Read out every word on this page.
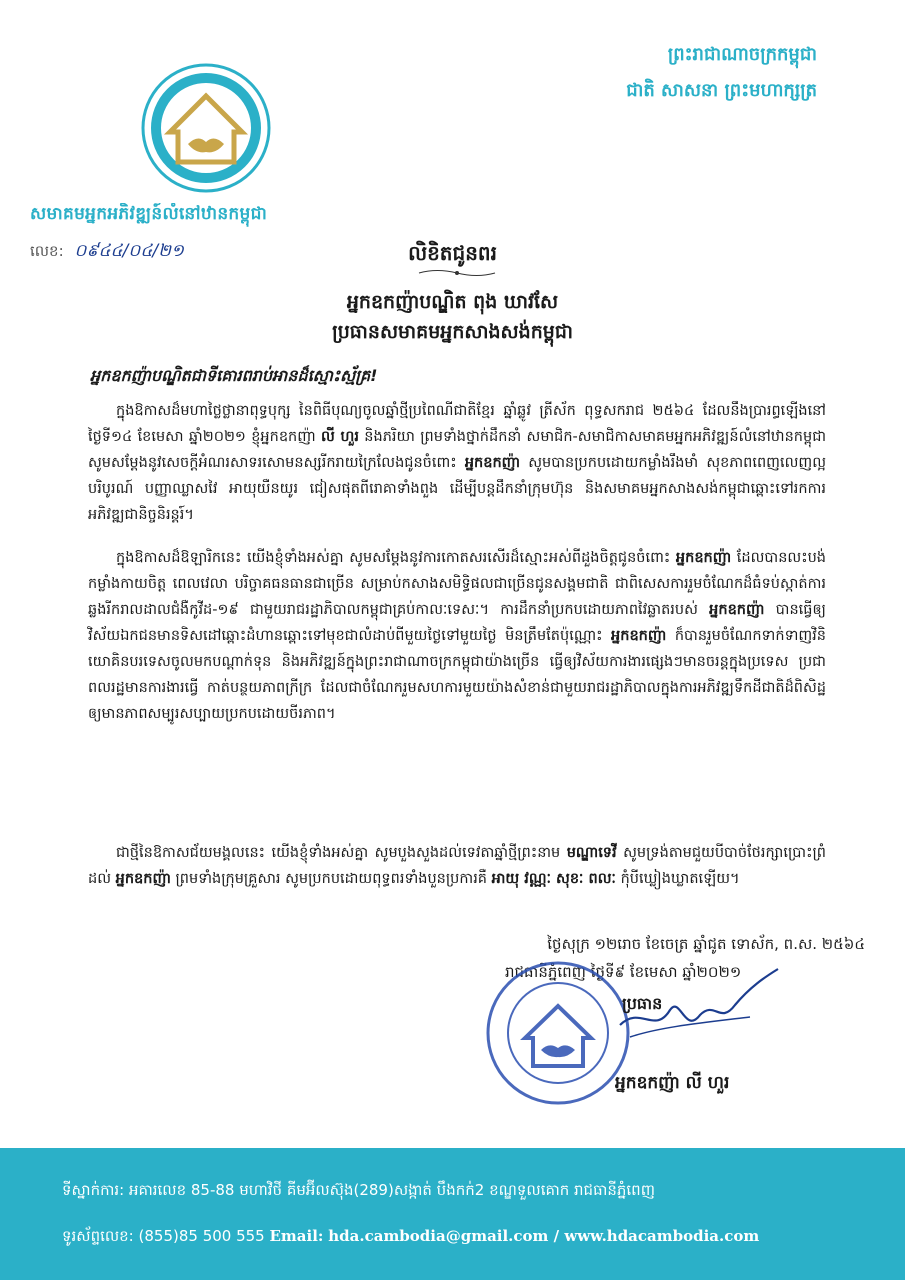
ព្រះរាជាណាចក្រកម្ពុជា
ជាតិ សាសនា ព្រះមហាក្សត្រ
សមាគមអ្នកអភិវឌ្ឍន៍លំនៅឋានកម្ពុជា
លេខ: ០៩៤៤/០៤/២១	លិខិតជូនពរ
អ្នកឧកញ៉ាបណ្ឌិត ពុង ឃាវសែ
ប្រធានសមាគមអ្នកសាងសង់កម្ពុជា
អ្នកឧកញ៉ាបណ្ឌិតជាទីគោរពរាប់អានដ៏ស្មោះស្ម័គ្រ!

ក្នុងឱកាសដ៏មហាថ្លៃថ្លានាពុទ្ធបុក្ស នៃពិធីបុណ្យចូលឆ្នាំថ្មីប្រពៃណីជាតិខ្មែរ ឆ្នាំឆ្លូវ ត្រីស័ក ពុទ្ធសករាជ ២៥៦៤ ដែលនឹងប្រារព្ធឡើងនៅថ្ងៃទី១៤ ខែមេសា ឆ្នាំ២០២១ ខ្ញុំអ្នកឧកញ៉ា លី ហួរ និងភរិយា ព្រមទាំងថ្នាក់ដឹកនាំ សមាជិក-សមាជិកាសមាគមអ្នកអភិវឌ្ឍន៍លំនៅឋានកម្ពុជា សូមសម្តែងនូវសេចក្តីអំណរសាទរសោមនស្សរីករាយក្រៃលែងជូនចំពោះ អ្នកឧកញ៉ា សូមបានប្រកបដោយកម្លាំងរឹងមាំ សុខភាពពេញលេញល្អបរិបូរណ៍ បញ្ញាឈ្លាសវៃ អាយុយឺនយូរ ជៀសផុតពីរោគាទាំងពួង ដើម្បីបន្តដឹកនាំក្រុមហ៊ុន និងសមាគមអ្នកសាងសង់កម្ពុជាឆ្ពោះទៅរកការអភិវឌ្ឍជានិច្ចនិរន្តរ៍។

ក្នុងឱកាសដ៏ឱឡារិកនេះ យើងខ្ញុំទាំងអស់គ្នា សូមសម្តែងនូវការកោតសរសើរដ៏ស្មោះអស់ពីដួងចិត្តជូនចំពោះ អ្នកឧកញ៉ា ដែលបានលះបង់កម្លាំងកាយចិត្ត ពេលវេលា បរិច្ចាគធនធានជាច្រើន សម្រាប់កសាងសមិទ្ធិផលជាច្រើនជូនសង្គមជាតិ ជាពិសេសការរួមចំណែកដ៏ធំទប់ស្កាត់ការឆ្លងរីករាលដាលជំងឺកូវីដ-១៩ ជាមួយរាជរដ្ឋាភិបាលកម្ពុជាគ្រប់កាលៈទេសៈ។ ការដឹកនាំប្រកបដោយភាពវៃឆ្លាតរបស់ អ្នកឧកញ៉ា បានធ្វើឲ្យវិស័យឯកជនមានទិសដៅឆ្ពោះដំហានឆ្ពោះទៅមុខជាលំដាប់ពីមួយថ្ងៃទៅមួយថ្ងៃ មិនត្រឹមតែប៉ុណ្ណោះ អ្នកឧកញ៉ា ក៏បានរួមចំណែកទាក់ទាញវិនិយោគិនបរទេសចូលមកបណ្តាក់ទុន និងអភិវឌ្ឍន៍ក្នុងព្រះរាជាណាចក្រកម្ពុជាយ៉ាងច្រើន ធ្វើឲ្យវិស័យការងារផ្សេងៗមានចរន្តក្នុងប្រទេស ប្រជាពលរដ្ឋមានការងារធ្វើ កាត់បន្ថយភាពក្រីក្រ ដែលជាចំណែករួមសហការមួយយ៉ាងសំខាន់ជាមួយរាជរដ្ឋាភិបាលក្នុងការអភិវឌ្ឍទឹកដីជាតិដ៏ពិសិដ្ឋឲ្យមានភាពសម្បូរសប្បាយប្រកបដោយចីរភាព។

ជាថ្មីនៃឱកាសជ័យមង្គលនេះ យើងខ្ញុំទាំងអស់គ្នា សូមបួងសួងដល់ទេវតាឆ្នាំថ្មីព្រះនាម មណ្ឌាទេវី សូមទ្រង់តាមជួយបីបាច់ថែរក្សាប្រោះព្រំដល់ អ្នកឧកញ៉ា ព្រមទាំងក្រុមគ្រួសារ សូមប្រកបដោយពុទ្ធពរទាំងបួនប្រការគឺ អាយុ វណ្ណៈ សុខៈ ពលៈ កុំបីឃ្លៀងឃ្លាតឡើយ។

ថ្ងៃសុក្រ ១២រោច ខែចេត្រ ឆ្នាំជូត ទោស័ក, ព.ស. ២៥៦៤
រាជធានីភ្នំពេញ ថ្ងៃទី៩ ខែមេសា ឆ្នាំ២០២១
ប្រធាន
អ្នកឧកញ៉ា លី ហួរ
ទីស្នាក់ការ: អគារលេខ 85-88 មហាវិថី គីមអ៊ីលស៊ុង(289)សង្កាត់ បឹងកក់2 ខណ្ឌទួលគោក រាជធានីភ្នំពេញ
ទូរស័ព្ទលេខ: (855)85 500 555 Email: hda.cambodia@gmail.com / www.hdacambodia.com
